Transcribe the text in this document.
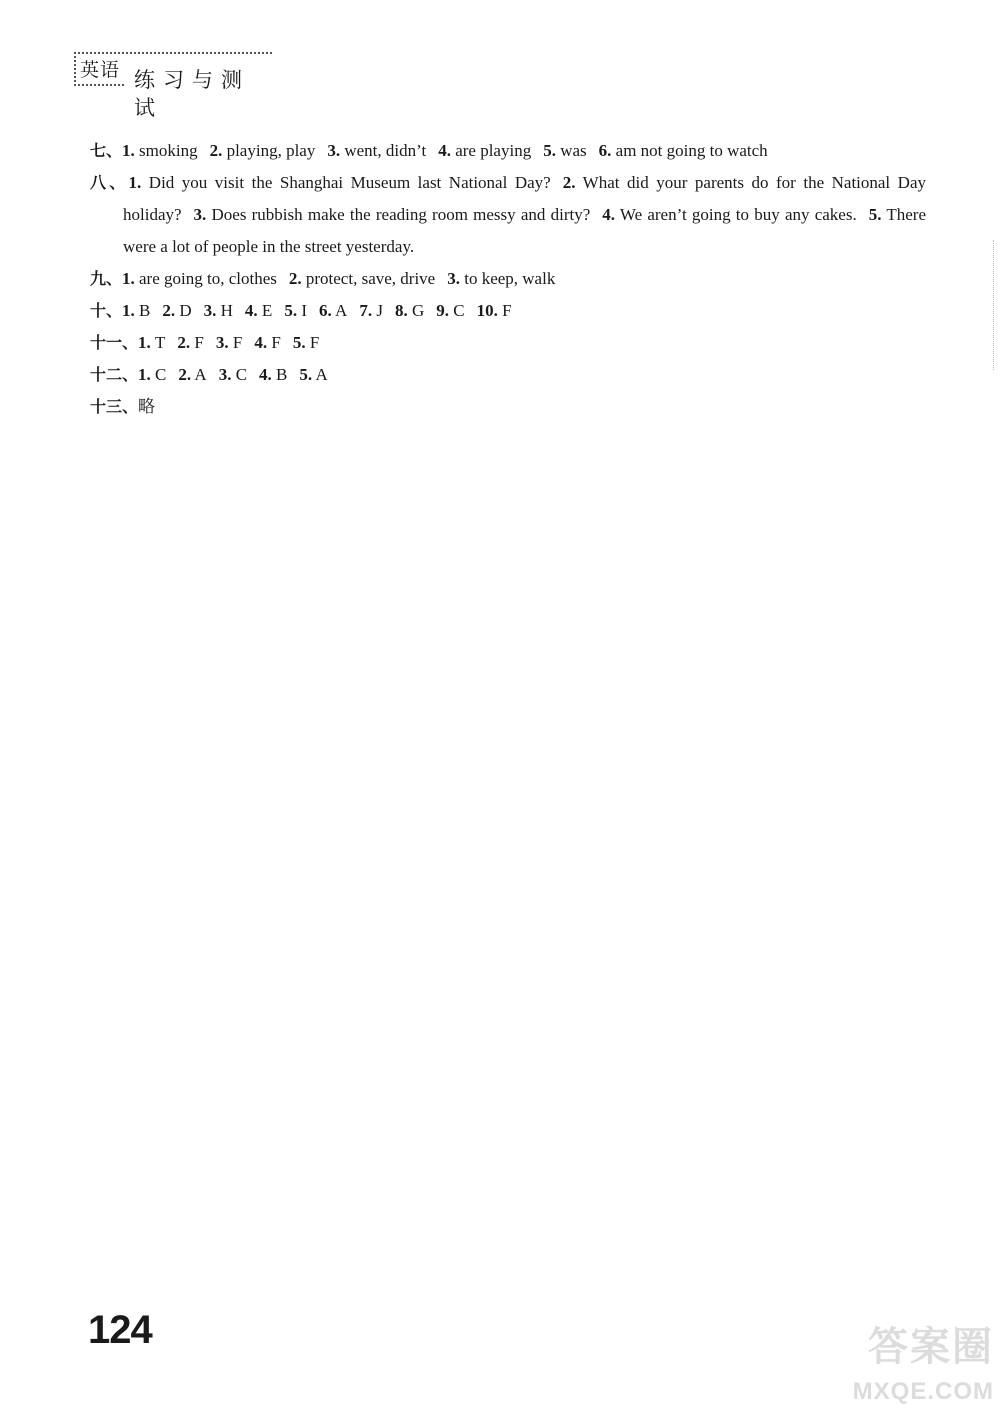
英语 练习与测试
七、1. smoking 2. playing, play 3. went, didn’t 4. are playing 5. was 6. am not going to watch
八、1. Did you visit the Shanghai Museum last National Day? 2. What did your parents do for the National Day holiday? 3. Does rubbish make the reading room messy and dirty? 4. We aren’t going to buy any cakes. 5. There were a lot of people in the street yesterday.
九、1. are going to, clothes 2. protect, save, drive 3. to keep, walk
十、1. B 2. D 3. H 4. E 5. I 6. A 7. J 8. G 9. C 10. F
十一、1. T 2. F 3. F 4. F 5. F
十二、1. C 2. A 3. C 4. B 5. A
十三、略
124	答案圈
MXQE.COM
